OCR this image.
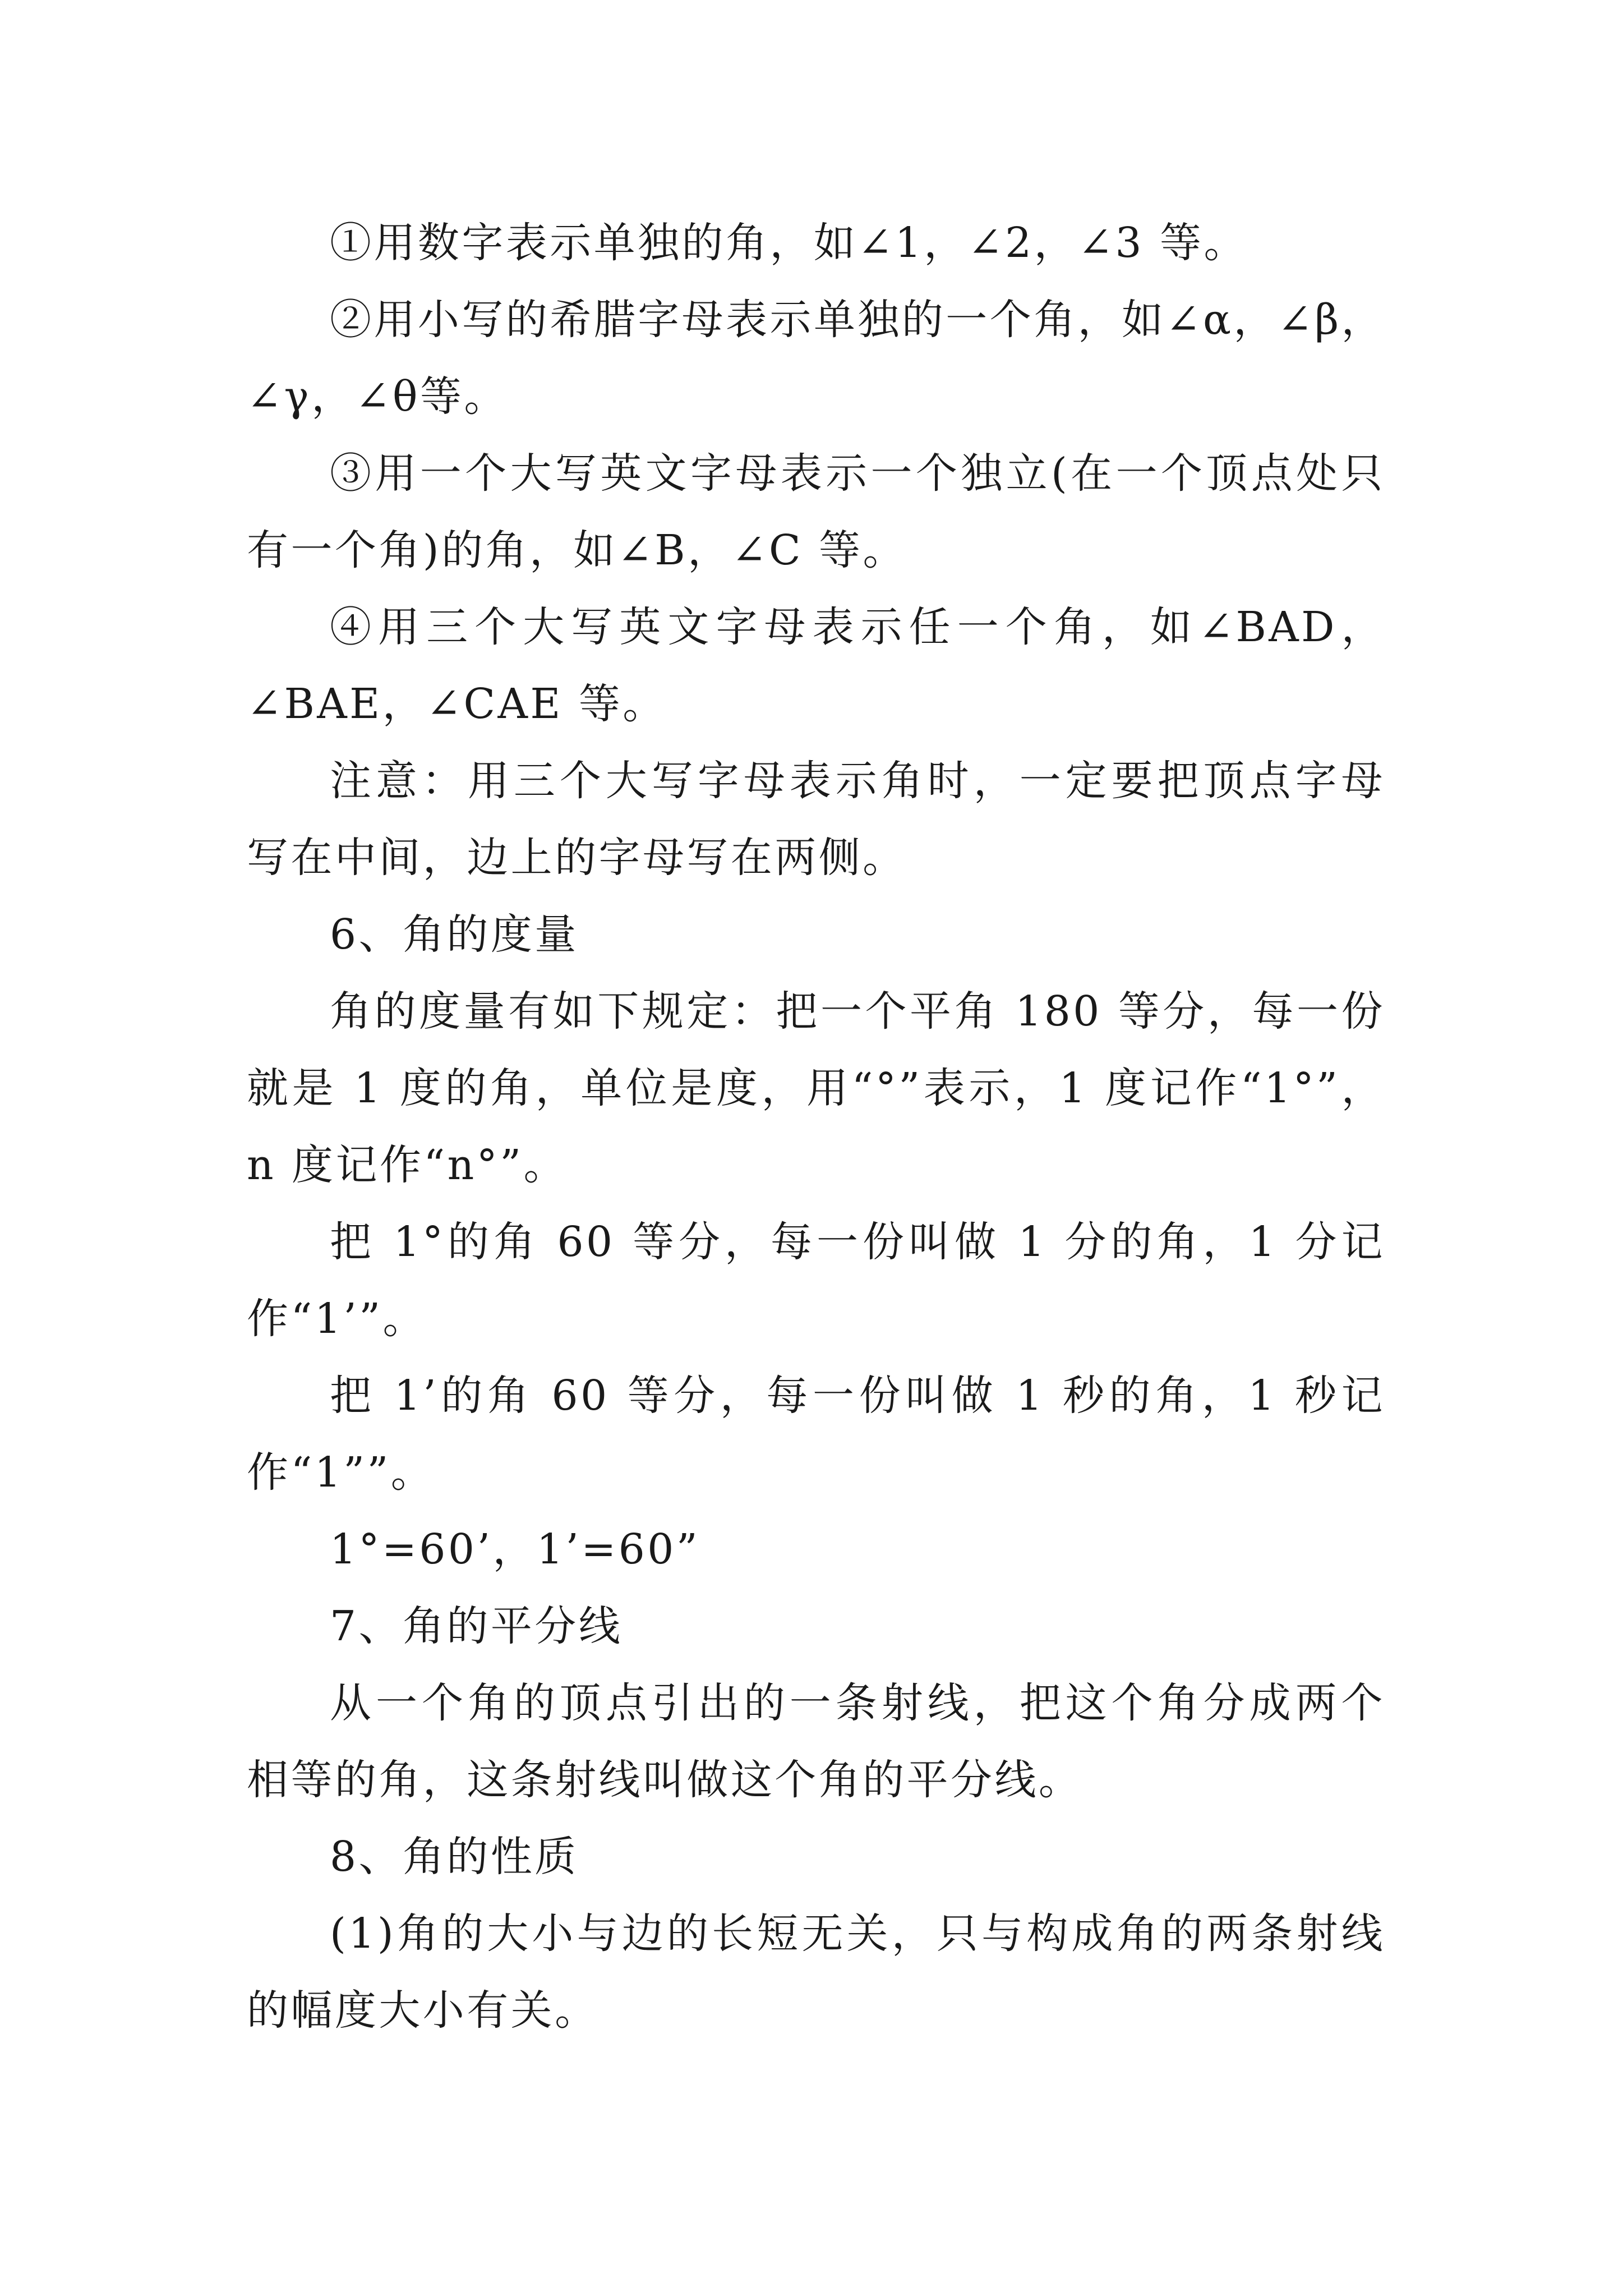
①用数字表示单独的角，如∠1，∠2，∠3 等。

②用小写的希腊字母表示单独的一个角，如∠α，∠β，∠γ，∠θ等。

③用一个大写英文字母表示一个独立(在一个顶点处只有一个角)的角，如∠B，∠C 等。

④用三个大写英文字母表示任一个角，如∠BAD，∠BAE，∠CAE 等。

注意：用三个大写字母表示角时，一定要把顶点字母写在中间，边上的字母写在两侧。

6、角的度量

角的度量有如下规定：把一个平角 180 等分，每一份就是 1 度的角，单位是度，用“°”表示，1 度记作“1°”，n 度记作“n°”。

把 1°的角 60 等分，每一份叫做 1 分的角，1 分记作“1’”。

把 1’的角 60 等分，每一份叫做 1 秒的角，1 秒记作“1””。

1°=60’，1’=60”

7、角的平分线

从一个角的顶点引出的一条射线，把这个角分成两个相等的角，这条射线叫做这个角的平分线。

8、角的性质

(1)角的大小与边的长短无关，只与构成角的两条射线的幅度大小有关。
